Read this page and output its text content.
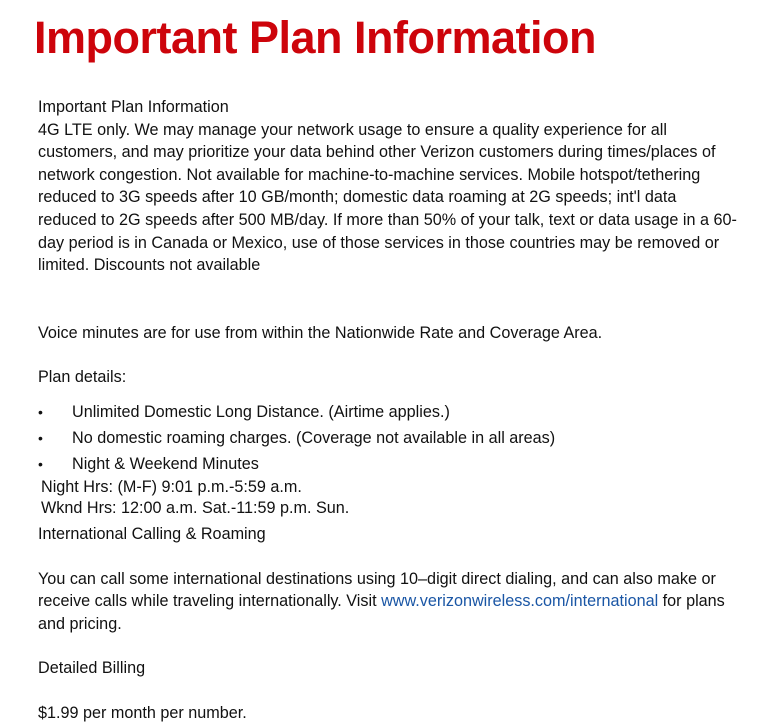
Important Plan Information

Important Plan Information

4G LTE only. We may manage your network usage to ensure a quality experience for all customers, and may prioritize your data behind other Verizon customers during times/places of network congestion. Not available for machine-to-machine services. Mobile hotspot/tethering reduced to 3G speeds after 10 GB/month; domestic data roaming at 2G speeds; int'l data reduced to 2G speeds after 500 MB/day. If more than 50% of your talk, text or data usage in a 60-day period is in Canada or Mexico, use of those services in those countries may be removed or limited. Discounts not available

Voice minutes are for use from within the Nationwide Rate and Coverage Area.

Plan details:

•	Unlimited Domestic Long Distance. (Airtime applies.)
•	No domestic roaming charges. (Coverage not available in all areas)
•	Night & Weekend Minutes

Night Hrs: (M-F) 9:01 p.m.-5:59 a.m.

Wknd Hrs: 12:00 a.m. Sat.-11:59 p.m. Sun.

International Calling & Roaming

You can call some international destinations using 10–digit direct dialing, and can also make or receive calls while traveling internationally. Visit www.verizonwireless.com/international for plans and pricing.

Detailed Billing

$1.99 per month per number.
